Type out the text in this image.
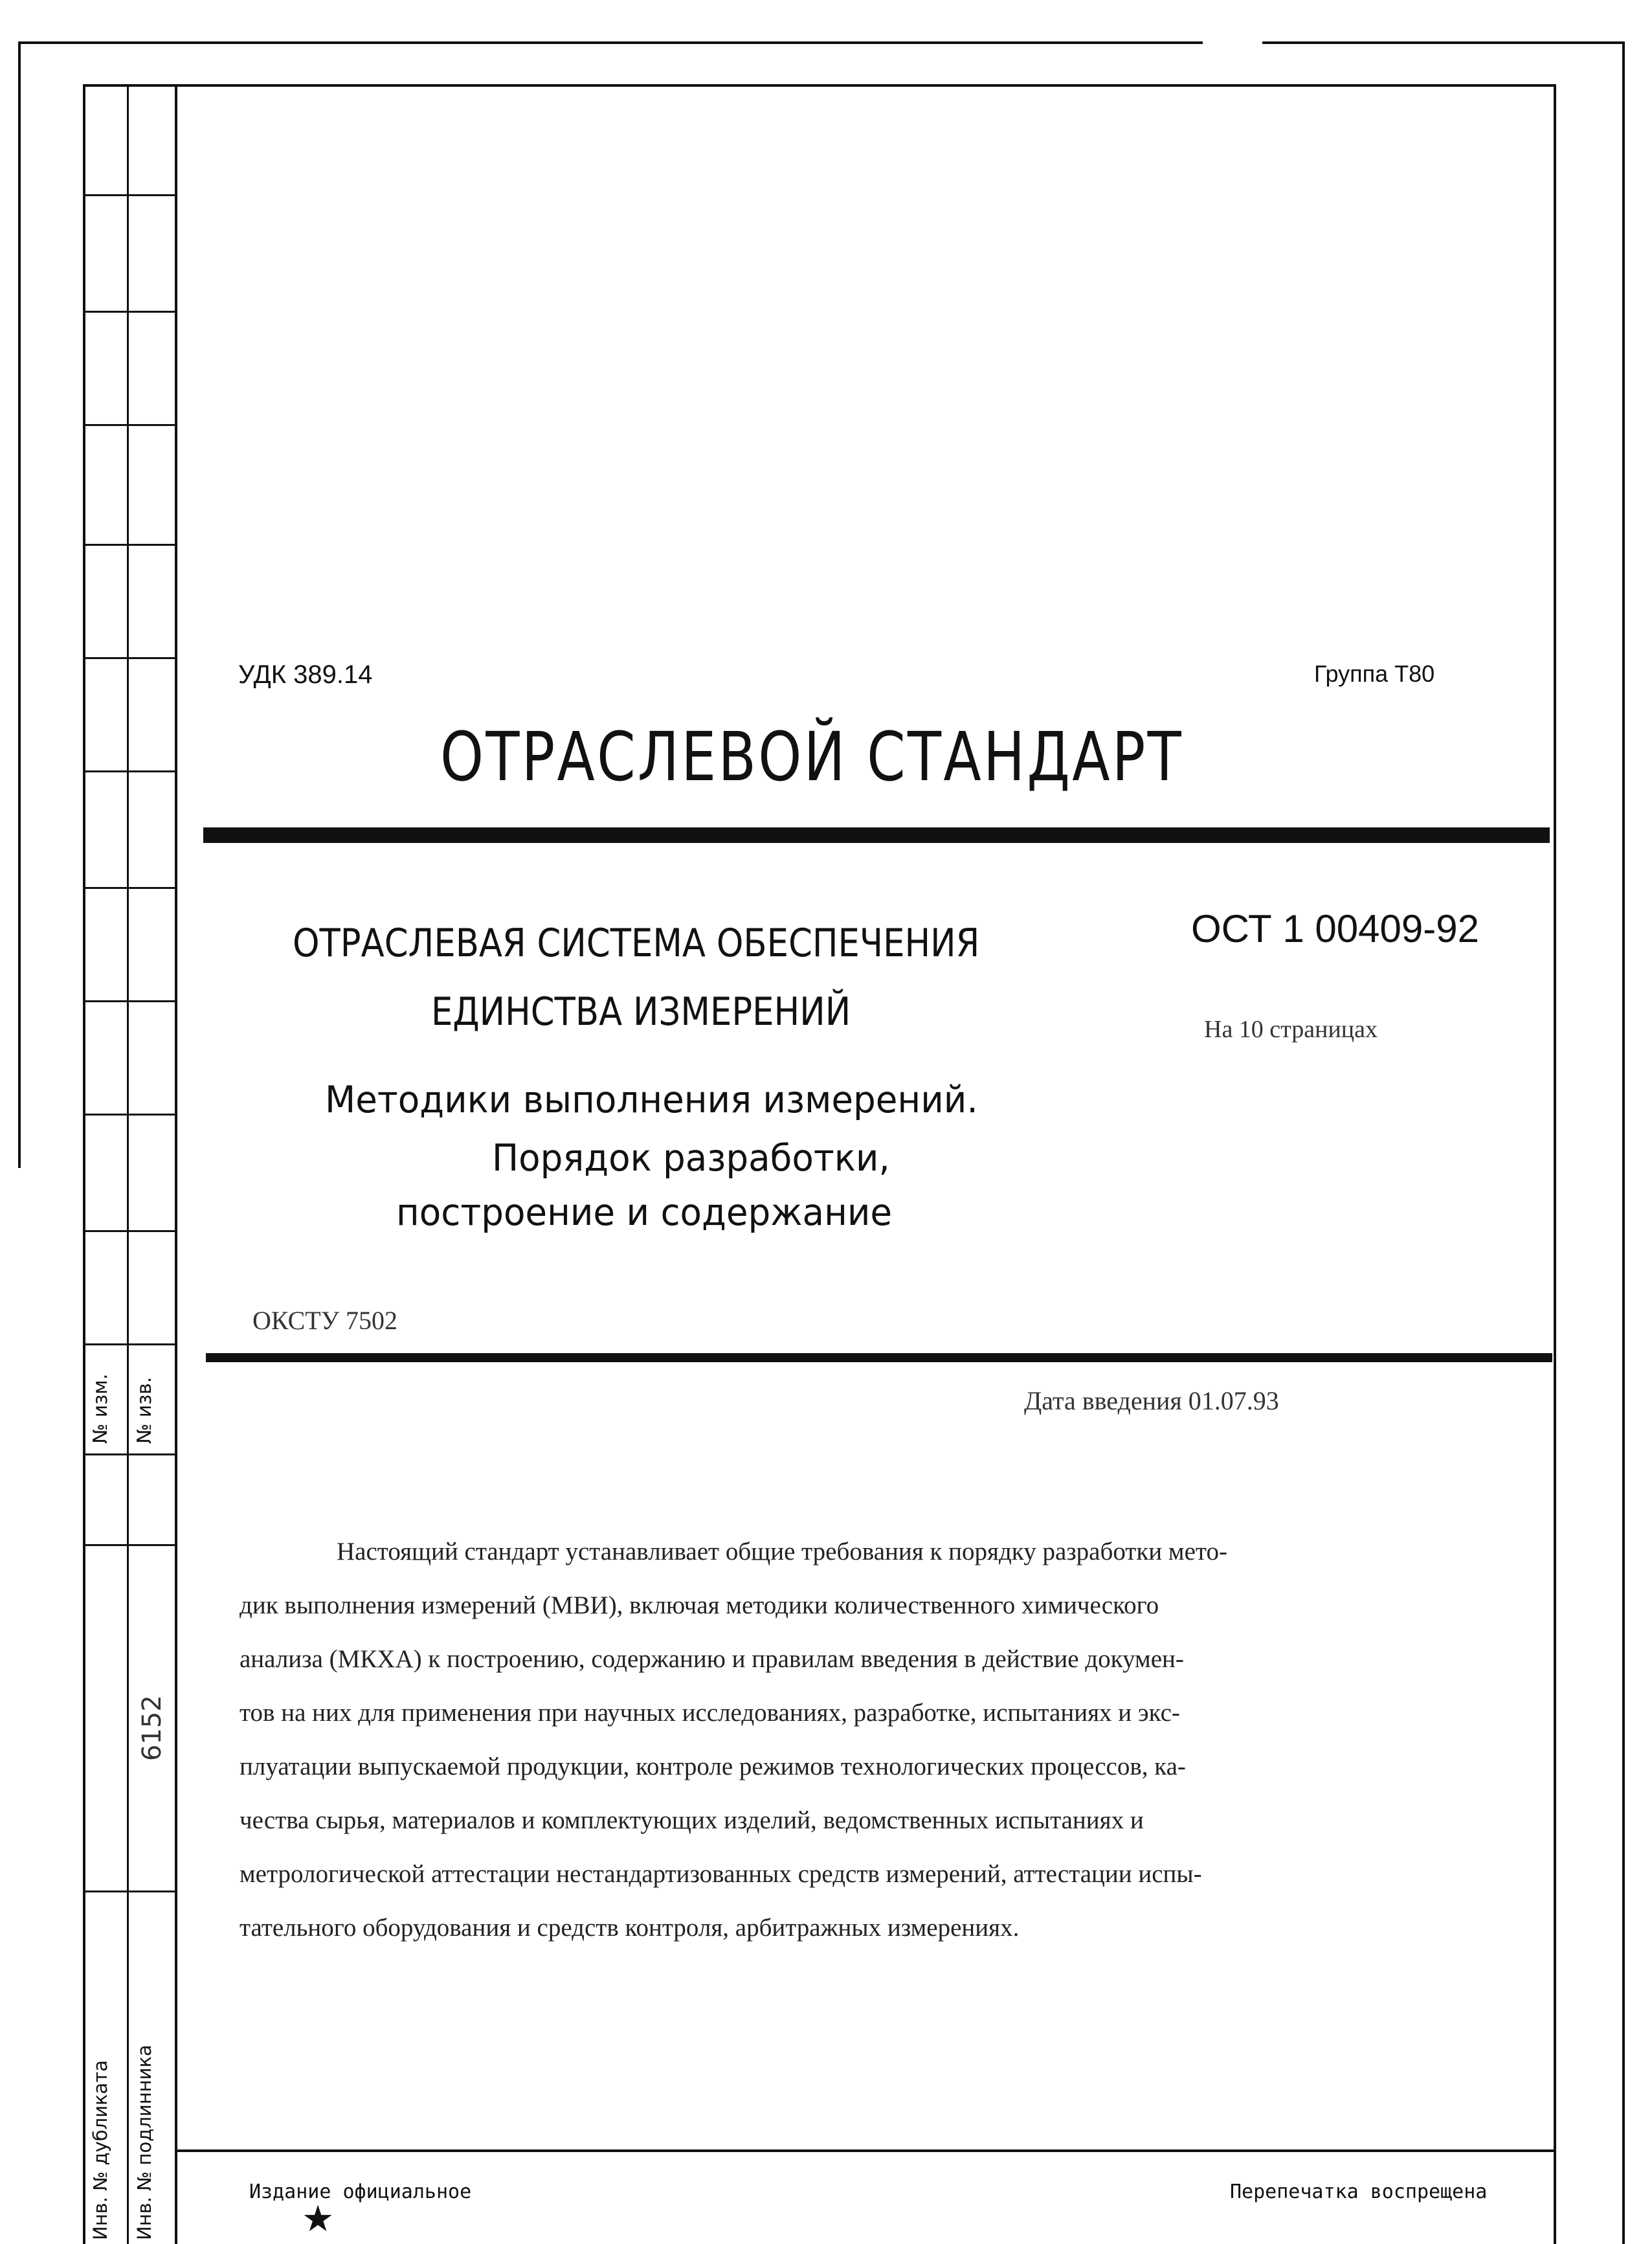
№ изм. № изв.
6152
Инв. № дубликата Инв. № подлинника
УДК 389.14	Группа Т80
ОТРАСЛЕВОЙ СТАНДАРТ
ОТРАСЛЕВАЯ СИСТЕМА ОБЕСПЕЧЕНИЯ
ЕДИНСТВА ИЗМЕРЕНИЙ
Методики выполнения измерений.
Порядок разработки,
построение и содержание
ОСТ 1 00409-92
На 10 страницах
ОКСТУ 7502
Дата введения 01.07.93

Настоящий стандарт устанавливает общие требования к порядку разработки мето-

дик выполнения измерений (МВИ), включая методики количественного химического

анализа (МКХА) к построению, содержанию и правилам введения в действие докумен-

тов на них для применения при научных исследованиях, разработке, испытаниях и экс-

плуатации выпускаемой продукции, контроле режимов технологических процессов, ка-

чества сырья, материалов и комплектующих изделий, ведомственных испытаниях и

метрологической аттестации нестандартизованных средств измерений, аттестации испы-

тательного оборудования и средств контроля, арбитражных измерениях.

Издание официальное	Перепечатка воспрещена
★
